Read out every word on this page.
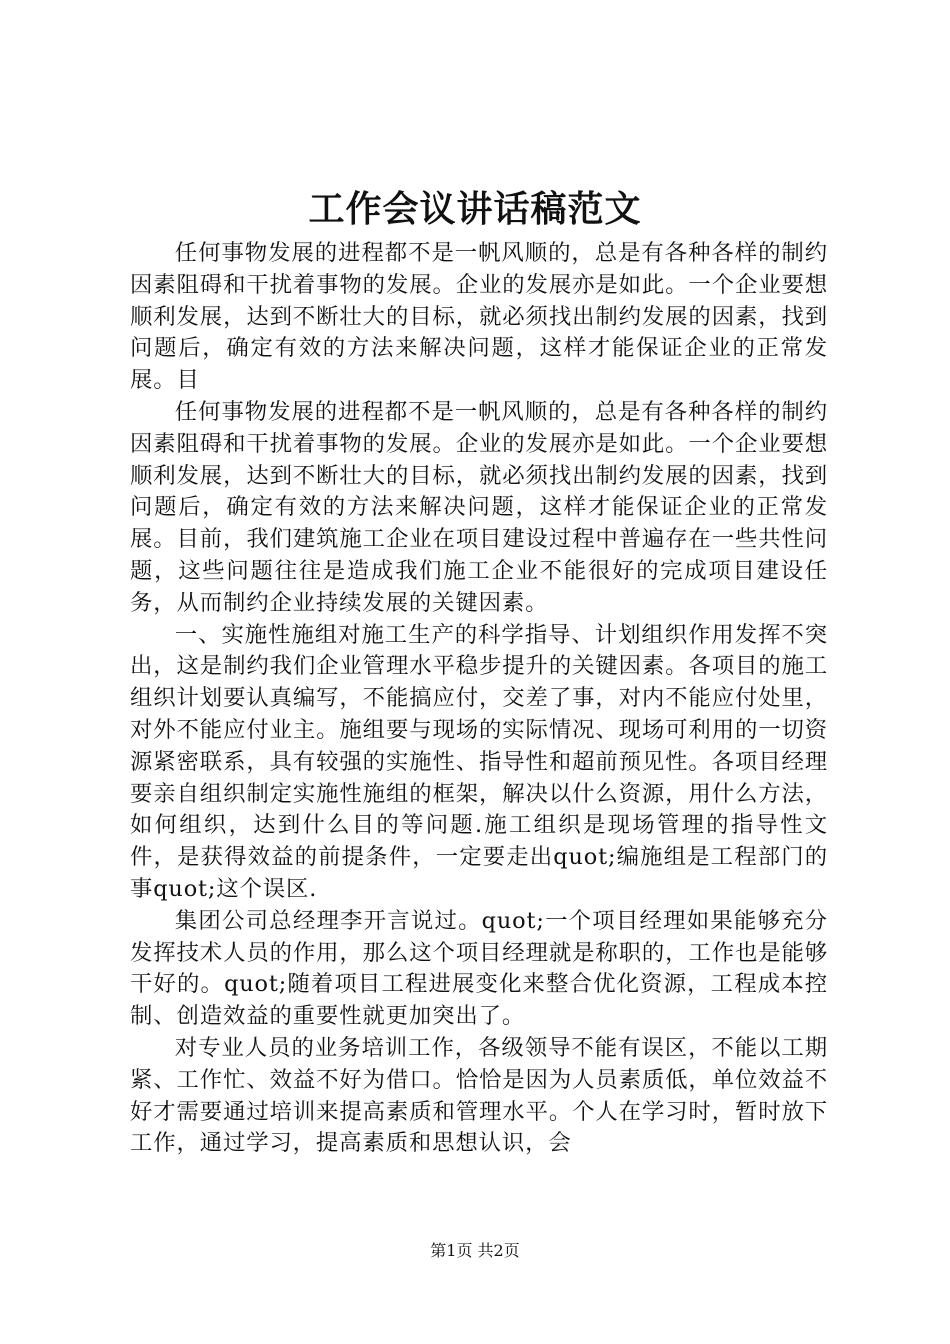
工作会议讲话稿范文

任何事物发展的进程都不是一帆风顺的，总是有各种各样的制约因素阻碍和干扰着事物的发展。企业的发展亦是如此。一个企业要想顺利发展，达到不断壮大的目标，就必须找出制约发展的因素，找到问题后，确定有效的方法来解决问题，这样才能保证企业的正常发展。目

任何事物发展的进程都不是一帆风顺的，总是有各种各样的制约因素阻碍和干扰着事物的发展。企业的发展亦是如此。一个企业要想顺利发展，达到不断壮大的目标，就必须找出制约发展的因素，找到问题后，确定有效的方法来解决问题，这样才能保证企业的正常发展。目前，我们建筑施工企业在项目建设过程中普遍存在一些共性问题，这些问题往往是造成我们施工企业不能很好的完成项目建设任务，从而制约企业持续发展的关键因素。

一、实施性施组对施工生产的科学指导、计划组织作用发挥不突出，这是制约我们企业管理水平稳步提升的关键因素。各项目的施工组织计划要认真编写，不能搞应付，交差了事，对内不能应付处里，对外不能应付业主。施组要与现场的实际情况、现场可利用的一切资源紧密联系，具有较强的实施性、指导性和超前预见性。各项目经理要亲自组织制定实施性施组的框架，解决以什么资源，用什么方法，如何组织，达到什么目的等问题.施工组织是现场管理的指导性文件，是获得效益的前提条件，一定要走出quot;编施组是工程部门的事quot;这个误区.

集团公司总经理李开言说过。quot;一个项目经理如果能够充分发挥技术人员的作用，那么这个项目经理就是称职的，工作也是能够干好的。quot;随着项目工程进展变化来整合优化资源，工程成本控制、创造效益的重要性就更加突出了。

对专业人员的业务培训工作，各级领导不能有误区，不能以工期紧、工作忙、效益不好为借口。恰恰是因为人员素质低，单位效益不好才需要通过培训来提高素质和管理水平。个人在学习时，暂时放下工作，通过学习，提高素质和思想认识，会

第1页 共2页
